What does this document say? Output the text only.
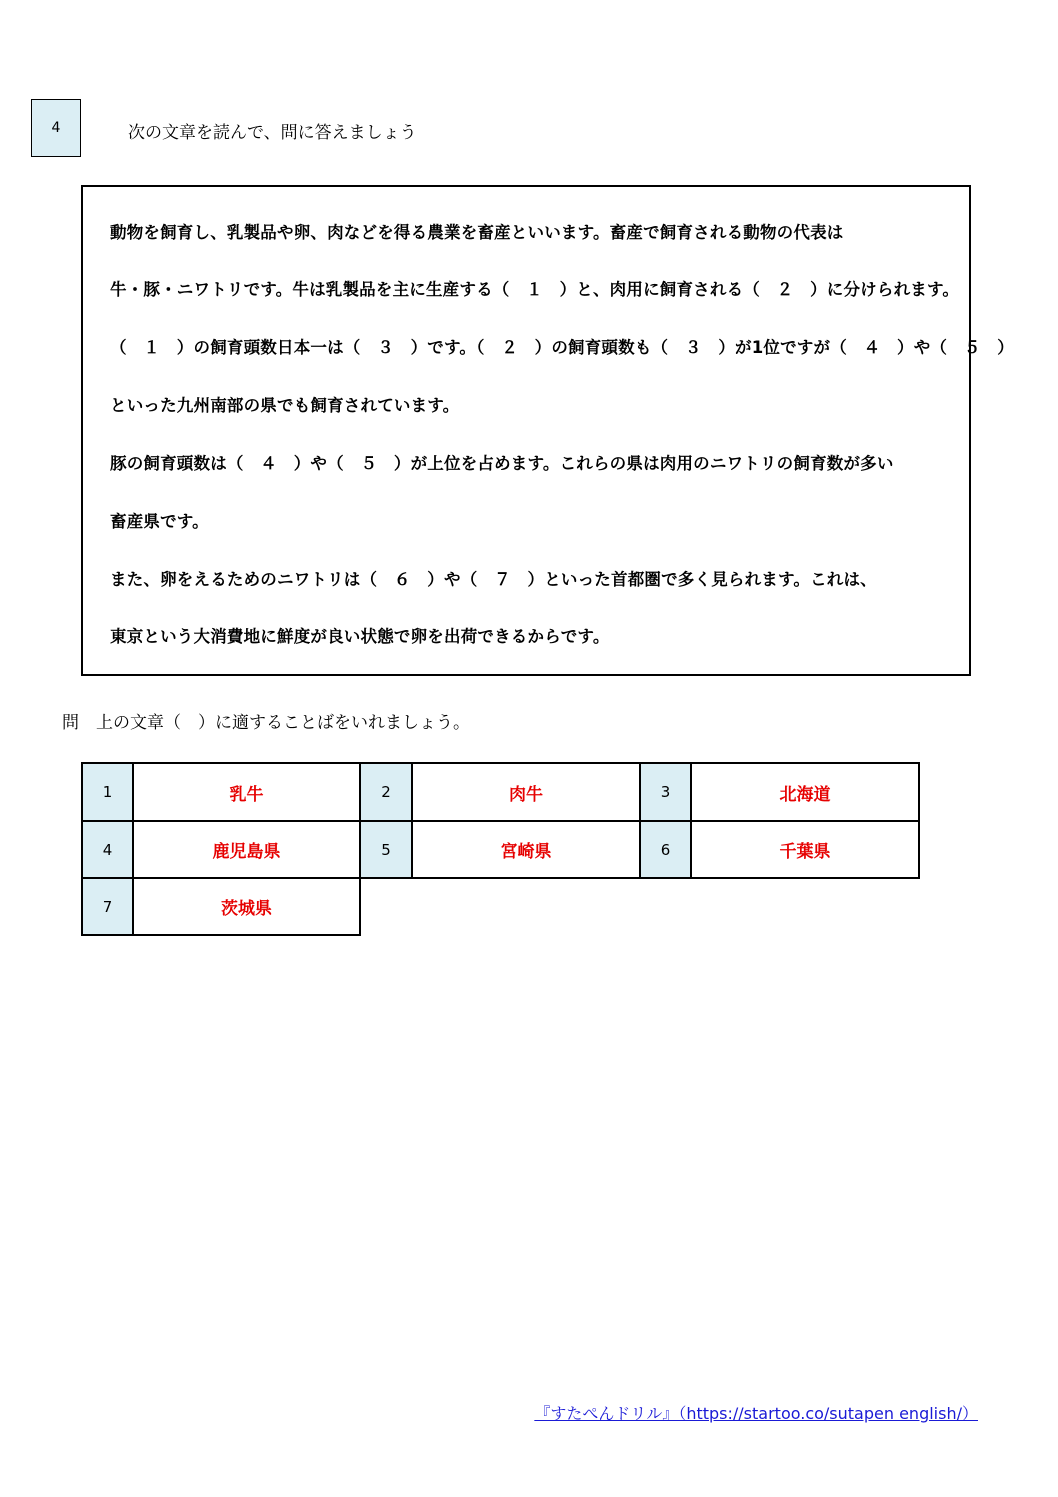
4	次の文章を読んで、問に答えましょう
動物を飼育し、乳製品や卵、肉などを得る農業を畜産といいます。畜産で飼育される動物の代表は
牛・豚・ニワトリです。牛は乳製品を主に生産する（　１　）と、肉用に飼育される（　２　）に分けられます。
（　１　）の飼育頭数日本一は（　３　）です。（　２　）の飼育頭数も（　３　）が1位ですが（　４　）や（　５　）
といった九州南部の県でも飼育されています。
豚の飼育頭数は（　４　）や（　５　）が上位を占めます。これらの県は肉用のニワトリの飼育数が多い
畜産県です。
また、卵をえるためのニワトリは（　６　）や（　７　）といった首都圏で多く見られます。これは、
東京という大消費地に鮮度が良い状態で卵を出荷できるからです。
問　上の文章（　）に適することばをいれましょう。
1	乳牛	2	肉牛	3	北海道
4	鹿児島県	5	宮崎県	6	千葉県
7	茨城県
『すたぺんドリル』（https://startoo.co/sutapen english/）
